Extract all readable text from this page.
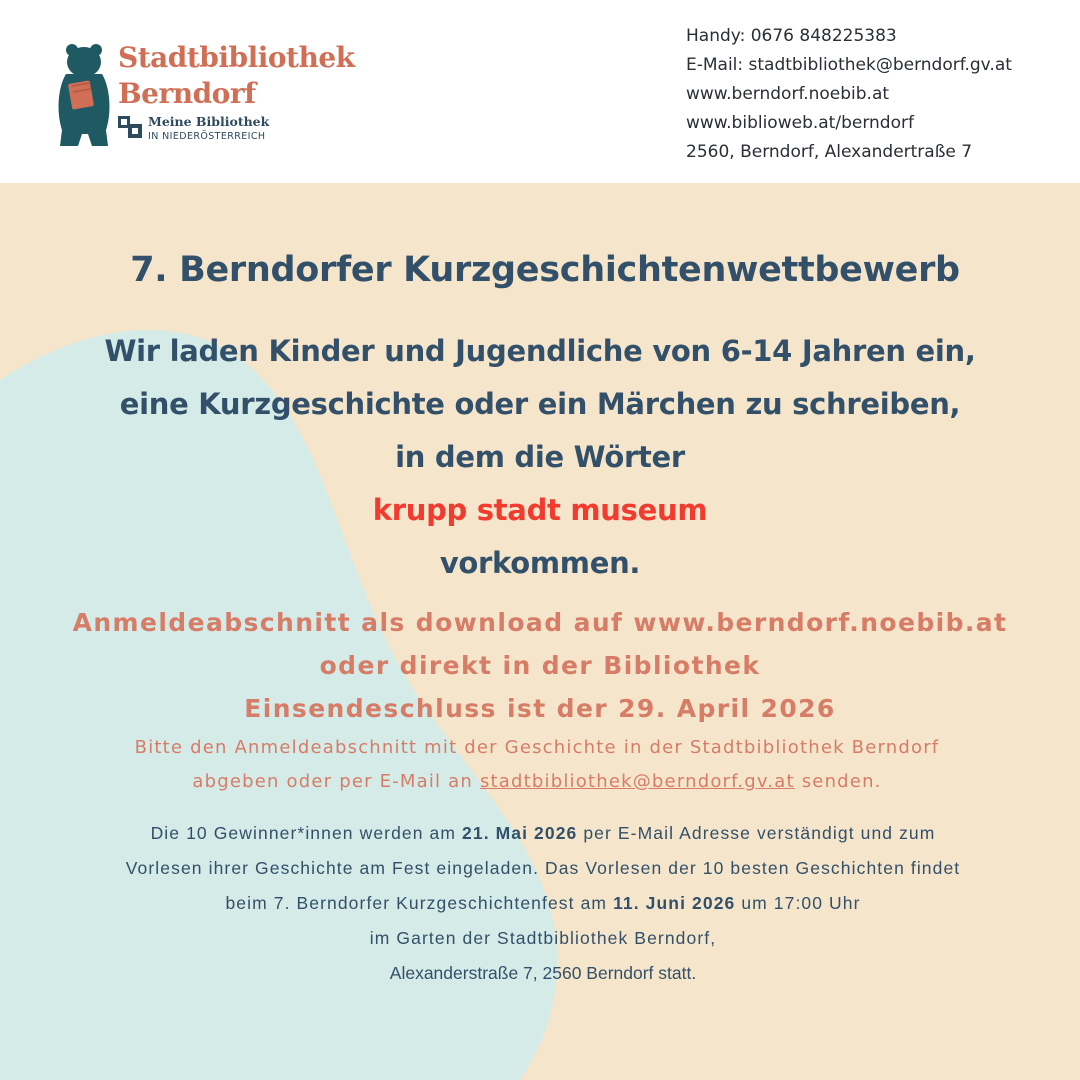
Stadtbibliothek
Berndorf
Meine Bibliothek
IN NIEDERÖSTERREICH
Handy: 0676 848225383
E-Mail: stadtbibliothek@berndorf.gv.at
www.berndorf.noebib.at
www.biblioweb.at/berndorf
2560, Berndorf, Alexandertraße 7
7. Berndorfer Kurzgeschichtenwettbewerb
Wir laden Kinder und Jugendliche von 6-14 Jahren ein,
eine Kurzgeschichte oder ein Märchen zu schreiben,
in dem die Wörter
krupp stadt museum
vorkommen.
Anmeldeabschnitt als download auf www.berndorf.noebib.at
oder direkt in der Bibliothek
Einsendeschluss ist der 29. April 2026
Bitte den Anmeldeabschnitt mit der Geschichte in der Stadtbibliothek Berndorf
abgeben oder per E-Mail an stadtbibliothek@berndorf.gv.at senden.
Die 10 Gewinner*innen werden am 21. Mai 2026 per E-Mail Adresse verständigt und zum
Vorlesen ihrer Geschichte am Fest eingeladen. Das Vorlesen der 10 besten Geschichten findet
beim 7. Berndorfer Kurzgeschichtenfest am 11. Juni 2026 um 17:00 Uhr
im Garten der Stadtbibliothek Berndorf,
Alexanderstraße 7, 2560 Berndorf statt.
